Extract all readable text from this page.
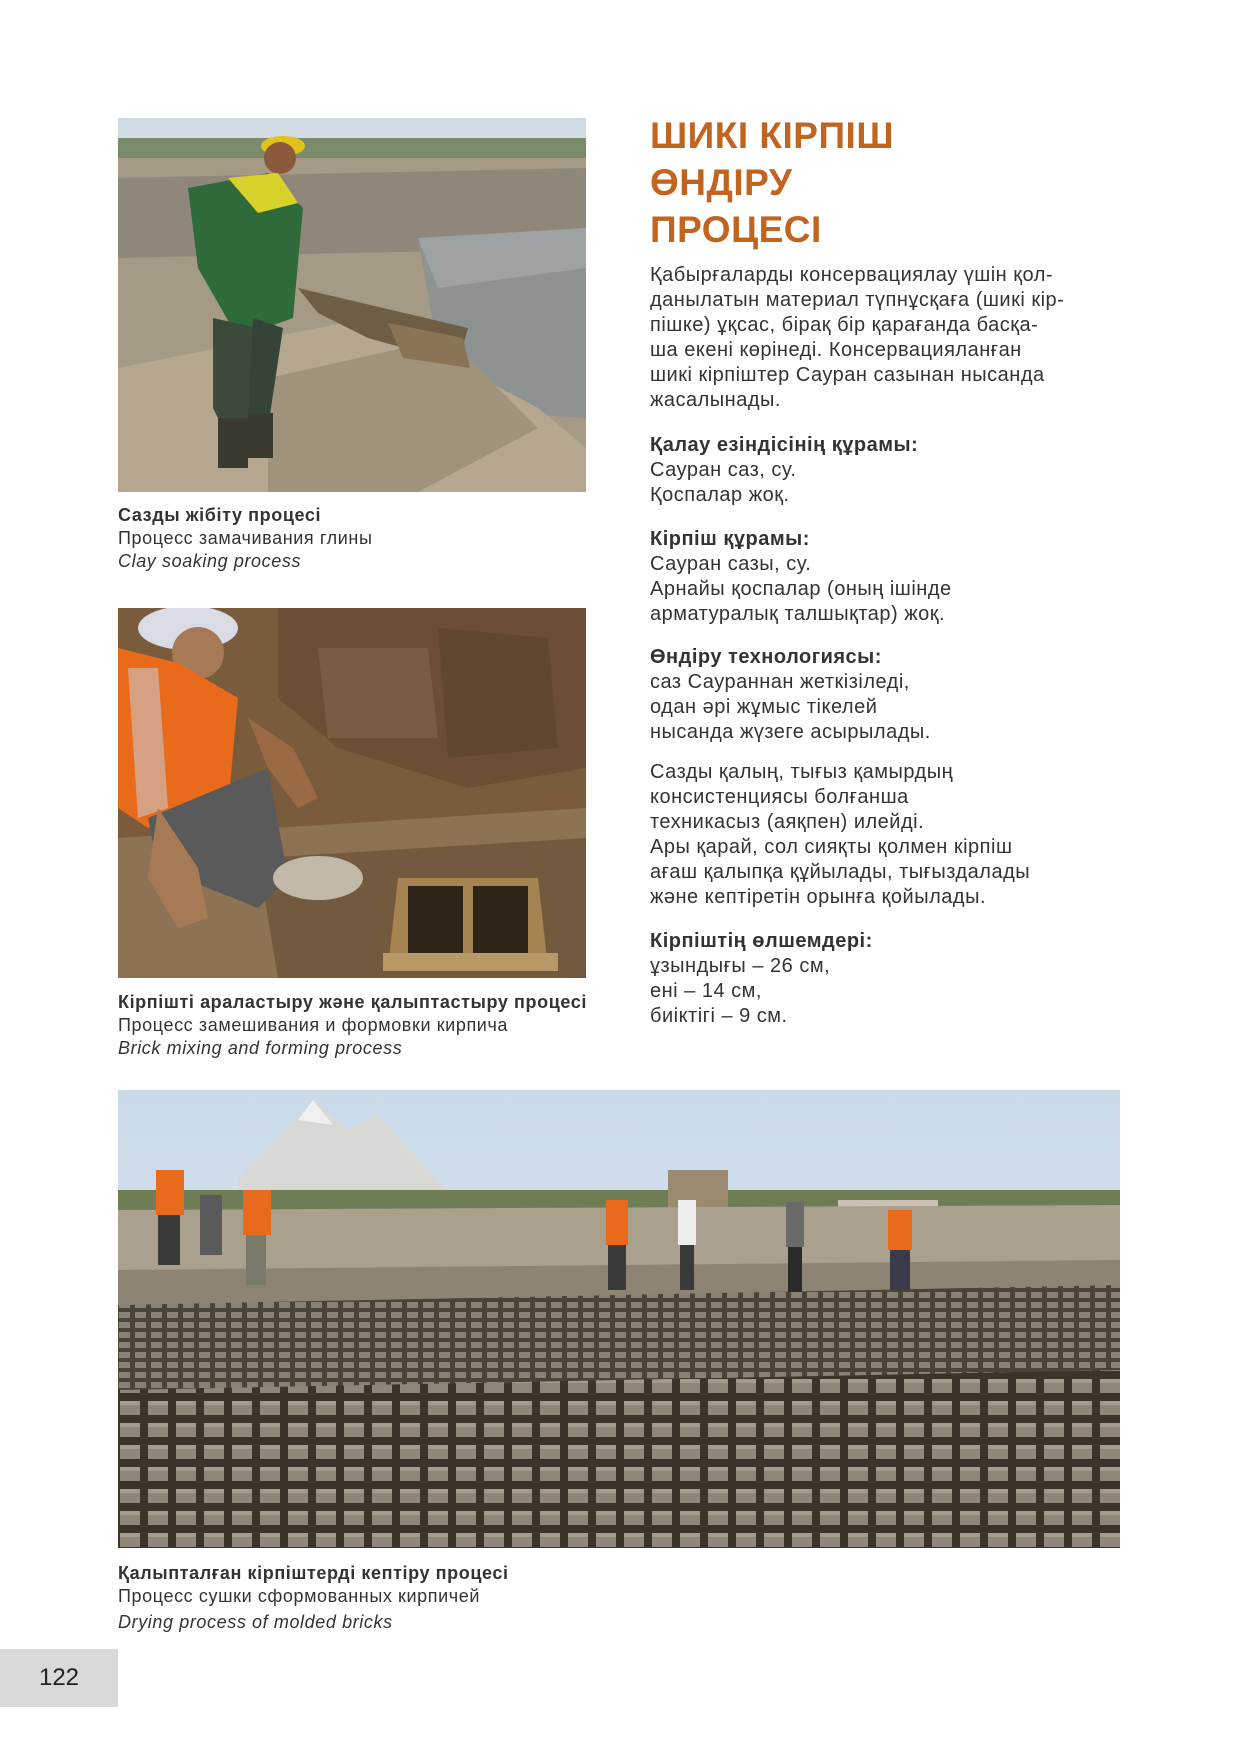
Сазды жібіту процесі
Процесс замачивания глины
Clay soaking process
Кірпішті араластыру және қалыптастыру процесі
Процесс замешивания и формовки кирпича
Brick mixing and forming process
ШИКІ КІРПІШ
ӨНДІРУ
ПРОЦЕСІ
Қабырғаларды консервациялау үшін қол-
данылатын материал түпнұсқаға (шикі кір-
пішке) ұқсас, бірақ бір қарағанда басқа-
ша екені көрінеді. Консервацияланған
шикі кірпіштер Сауран сазынан нысанда
жасалынады.
Қалау езіндісінің құрамы:
Сауран саз, су.
Қоспалар жоқ.
Кірпіш құрамы:
Сауран сазы, су.
Арнайы қоспалар (оның ішінде
арматуралық талшықтар) жоқ.
Өндіру технологиясы:
саз Саураннан жеткізіледі,
одан әрі жұмыс тікелей
нысанда жүзеге асырылады.
Сазды қалың, тығыз қамырдың
консистенциясы болғанша
техникасыз (аяқпен) илейді.
Ары қарай, сол сияқты қолмен кірпіш
ағаш қалыпқа құйылады, тығыздалады
және кептіретін орынға қойылады.
Кірпіштің өлшемдері:
ұзындығы – 26 см,
ені – 14 см,
биіктігі – 9 см.
Қалыпталған кірпіштерді кептіру процесі
Процесс сушки сформованных кирпичей
Drying process of molded bricks
122
